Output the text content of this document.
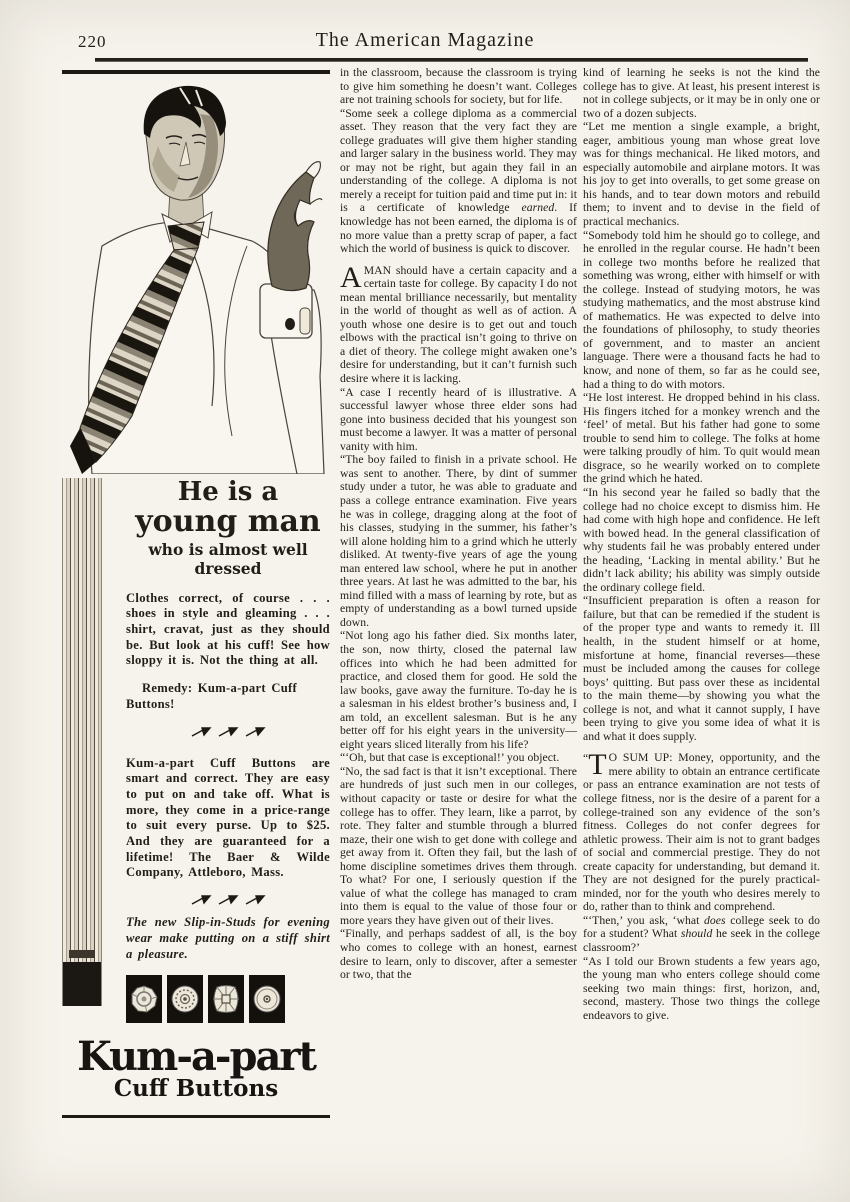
220	The American Magazine
He is a
young man
who is almost well dressed

Clothes correct, of course . . . shoes in style and gleaming . . . shirt, cravat, just as they should be. But look at his cuff! See how sloppy it is. Not the thing at all.

Remedy: Kum-a-part Cuff Buttons!

Kum-a-part Cuff Buttons are smart and correct. They are easy to put on and take off. What is more, they come in a price-range to suit every purse. Up to $25. And they are guaranteed for a lifetime! The Baer & Wilde Company, Attleboro, Mass.

The new Slip-in-Studs for evening wear make putting on a stiff shirt a pleasure.

Kum-a-part
Cuff Buttons

in the classroom, because the classroom is trying to give him something he doesn’t want. Colleges are not training schools for society, but for life.

“Some seek a college diploma as a commercial asset. They reason that the very fact they are college graduates will give them higher standing and larger salary in the business world. They may or may not be right, but again they fail in an understanding of the college. A diploma is not merely a receipt for tuition paid and time put in: it is a certificate of knowledge earned. If knowledge has not been earned, the diploma is of no more value than a pretty scrap of paper, a fact which the world of business is quick to discover.

AMAN should have a certain capacity and a certain taste for college. By capacity I do not mean mental brilliance necessarily, but mentality in the world of thought as well as of action. A youth whose one desire is to get out and touch elbows with the practical isn’t going to thrive on a diet of theory. The college might awaken one’s desire for understanding, but it can’t furnish such desire where it is lacking.

“A case I recently heard of is illustrative. A successful lawyer whose three elder sons had gone into business decided that his youngest son must become a lawyer. It was a matter of personal vanity with him.

“The boy failed to finish in a private school. He was sent to another. There, by dint of summer study under a tutor, he was able to graduate and pass a college entrance examination. Five years he was in college, dragging along at the foot of his classes, studying in the summer, his father’s will alone holding him to a grind which he utterly disliked. At twenty-five years of age the young man entered law school, where he put in another three years. At last he was admitted to the bar, his mind filled with a mass of learning by rote, but as empty of understanding as a bowl turned upside down.

“Not long ago his father died. Six months later, the son, now thirty, closed the paternal law offices into which he had been admitted for practice, and closed them for good. He sold the law books, gave away the furniture. To-day he is a salesman in his eldest brother’s business and, I am told, an excellent salesman. But is he any better off for his eight years in the university—eight years sliced literally from his life?

“‘Oh, but that case is exceptional!’ you object.

“No, the sad fact is that it isn’t exceptional. There are hundreds of just such men in our colleges, without capacity or taste or desire for what the college has to offer. They learn, like a parrot, by rote. They falter and stumble through a blurred maze, their one wish to get done with college and get away from it. Often they fail, but the lash of home discipline sometimes drives them through. To what? For one, I seriously question if the value of what the college has managed to cram into them is equal to the value of those four or more years they have given out of their lives.

“Finally, and perhaps saddest of all, is the boy who comes to college with an honest, earnest desire to learn, only to discover, after a semester or two, that the

kind of learning he seeks is not the kind the college has to give. At least, his present interest is not in college subjects, or it may be in only one or two of a dozen subjects.

“Let me mention a single example, a bright, eager, ambitious young man whose great love was for things mechanical. He liked motors, and especially automobile and airplane motors. It was his joy to get into overalls, to get some grease on his hands, and to tear down motors and rebuild them; to invent and to devise in the field of practical mechanics.

“Somebody told him he should go to college, and he enrolled in the regular course. He hadn’t been in college two months before he realized that something was wrong, either with himself or with the college. Instead of studying motors, he was studying mathematics, and the most abstruse kind of mathematics. He was expected to delve into the foundations of philosophy, to study theories of government, and to master an ancient language. There were a thousand facts he had to know, and none of them, so far as he could see, had a thing to do with motors.

“He lost interest. He dropped behind in his class. His fingers itched for a monkey wrench and the ‘feel’ of metal. But his father had gone to some trouble to send him to college. The folks at home were talking proudly of him. To quit would mean disgrace, so he wearily worked on to complete the grind which he hated.

“In his second year he failed so badly that the college had no choice except to dismiss him. He had come with high hope and confidence. He left with bowed head. In the general classification of why students fail he was probably entered under the heading, ‘Lacking in mental ability.’ But he didn’t lack ability; his ability was simply outside the ordinary college field.

“Insufficient preparation is often a reason for failure, but that can be remedied if the student is of the proper type and wants to remedy it. Ill health, in the student himself or at home, misfortune at home, financial reverses—these must be included among the causes for college boys’ quitting. But pass over these as incidental to the main theme—by showing you what the college is not, and what it cannot supply, I have been trying to give you some idea of what it is and what it does supply.

“ T O SUM UP: Money, opportunity, and the mere ability to obtain an entrance certificate or pass an entrance examination are not tests of college fitness, nor is the desire of a parent for a college-trained son any evidence of the son’s fitness. Colleges do not confer degrees for athletic prowess. Their aim is not to grant badges of social and commercial prestige. They do not create capacity for understanding, but demand it. They are not designed for the purely practical-minded, nor for the youth who desires merely to do, rather than to think and comprehend.

“‘Then,’ you ask, ‘what does college seek to do for a student? What should he seek in the college classroom?’

“As I told our Brown students a few years ago, the young man who enters college should come seeking two main things: first, horizon, and, second, mastery. Those two things the college endeavors to give.
